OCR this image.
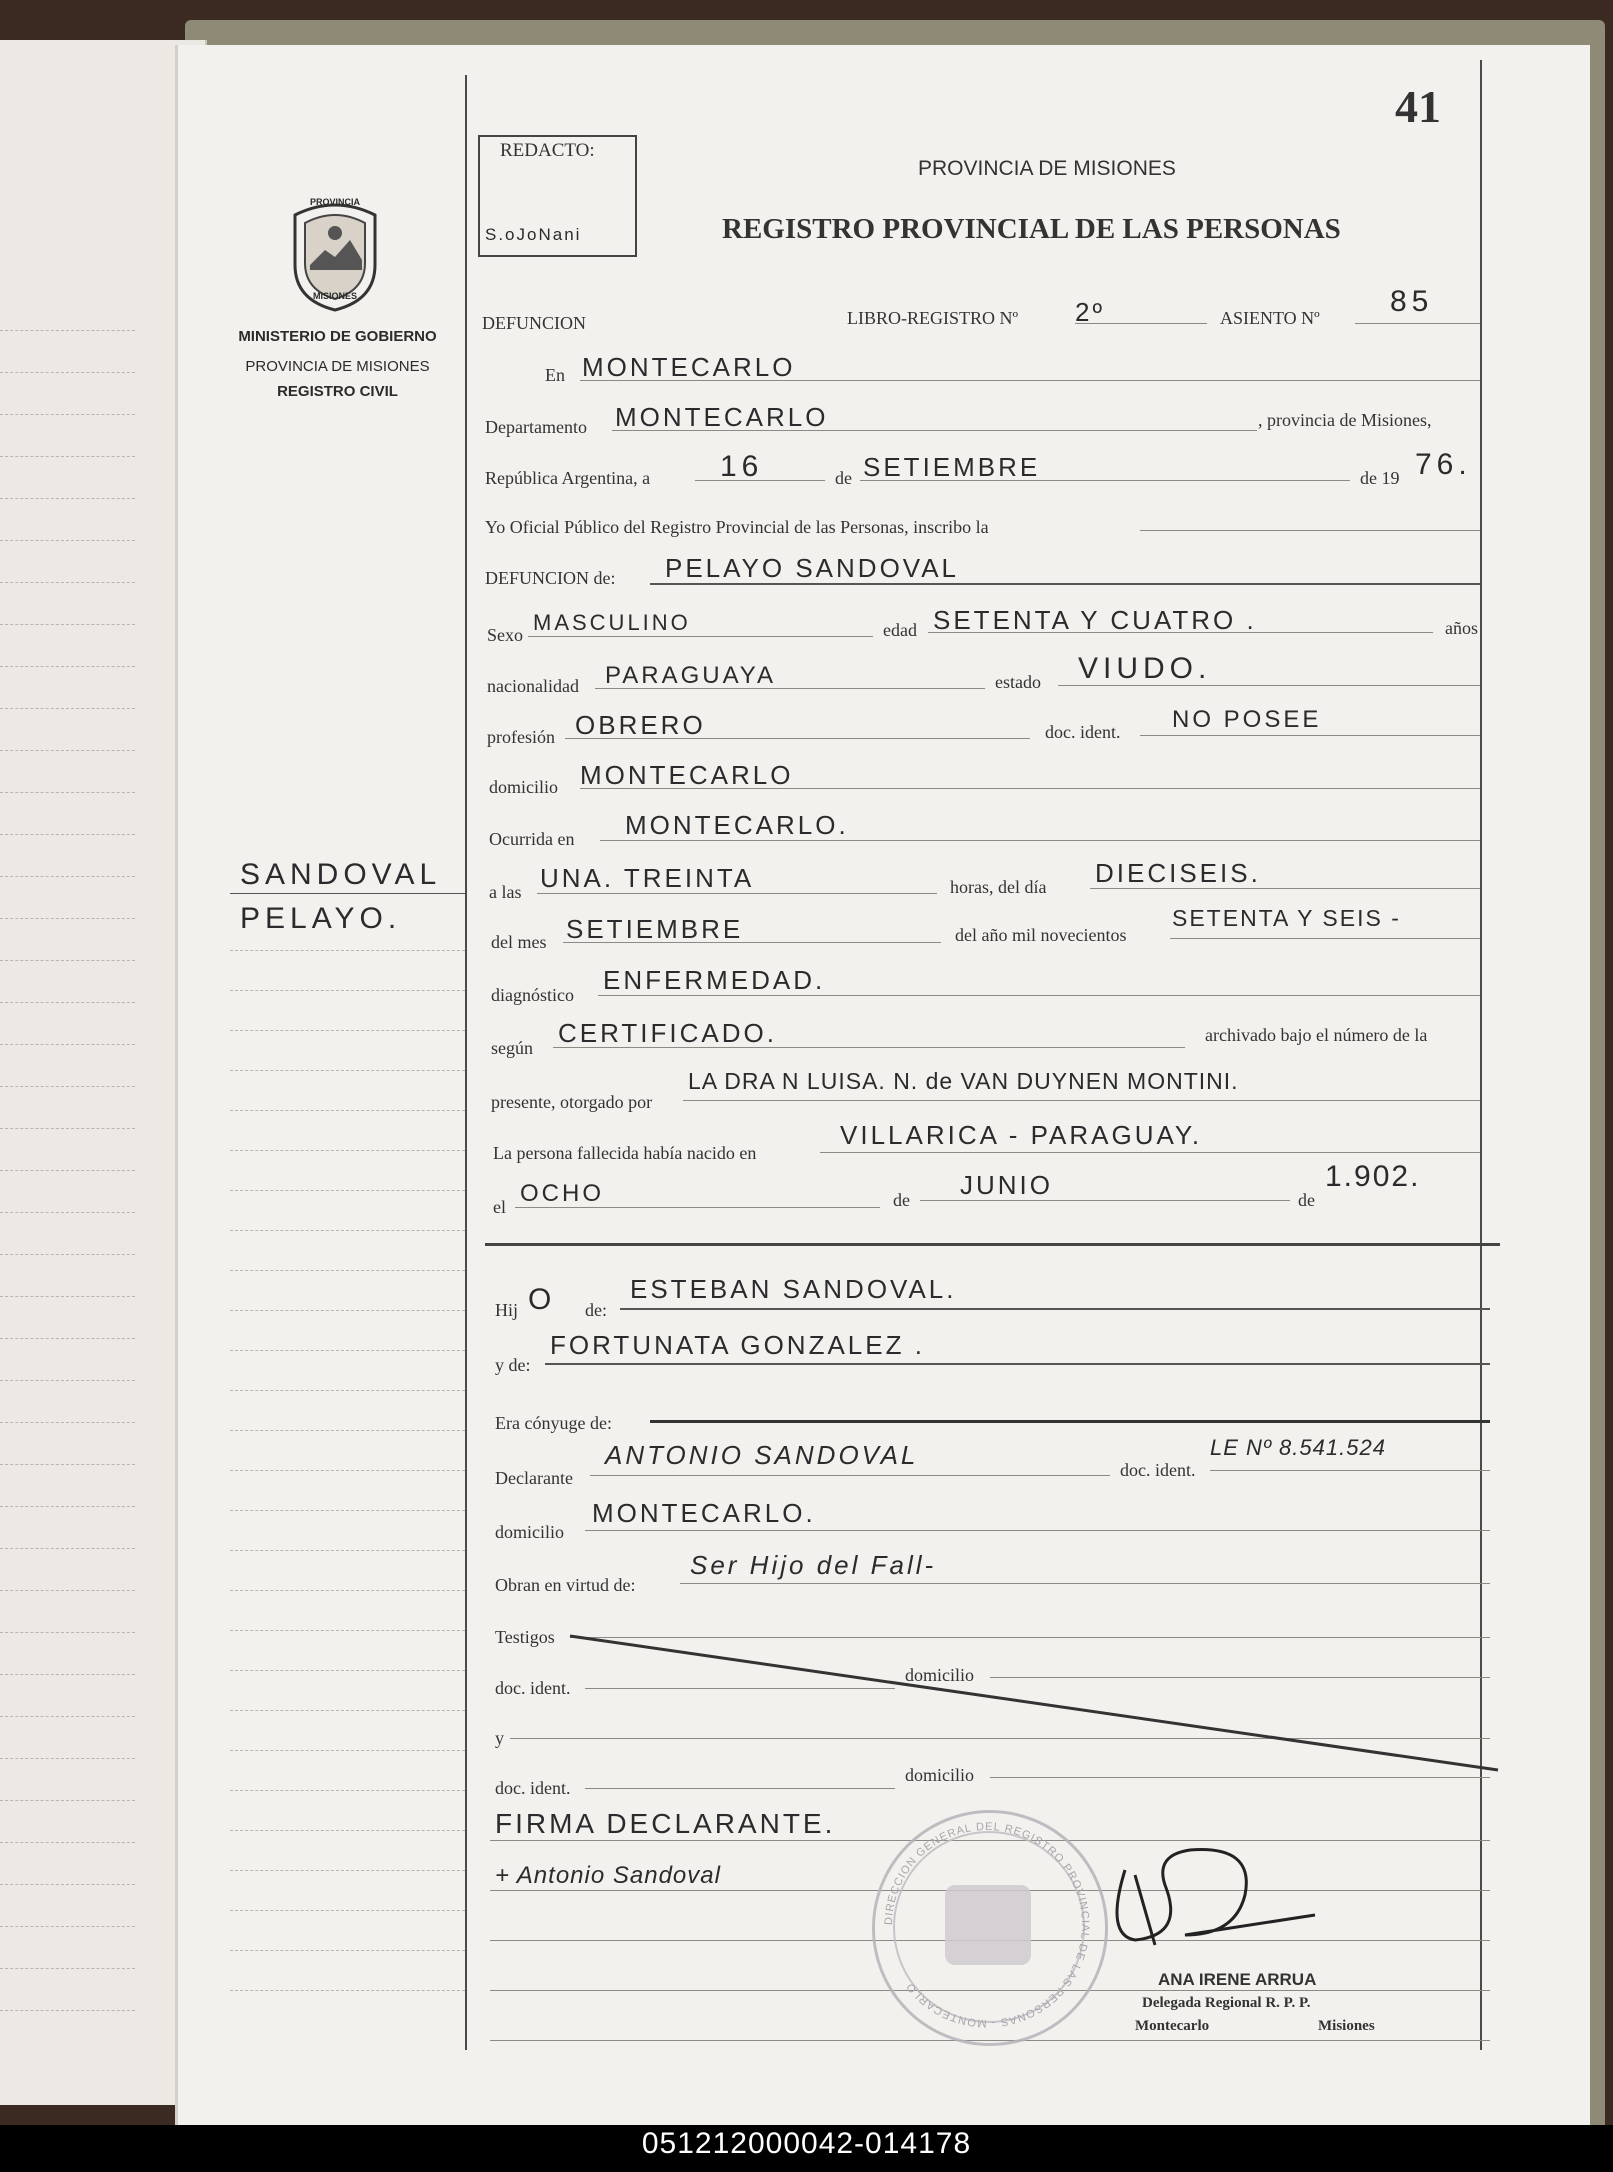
PROVINCIA
MISIONES
MINISTERIO DE GOBIERNO
PROVINCIA DE MISIONES
REGISTRO CIVIL
SANDOVAL
PELAYO.
41
REDACTO:
S.oJoNani
PROVINCIA DE MISIONES
REGISTRO PROVINCIAL DE LAS PERSONAS
DEFUNCION	LIBRO-REGISTRO Nº 2º	ASIENTO Nº 85
En MONTECARLO
Departamento MONTECARLO	, provincia de Misiones,
República Argentina, a 16	de SETIEMBRE	de 19 76.
Yo Oficial Público del Registro Provincial de las Personas, inscribo la
DEFUNCION de: PELAYO SANDOVAL
Sexo MASCULINO	edad SETENTA Y CUATRO .	años
nacionalidad PARAGUAYA	estado VIUDO.
profesión OBRERO	doc. ident. NO POSEE
domicilio MONTECARLO
Ocurrida en MONTECARLO.
a las UNA. TREINTA	horas, del día DIECISEIS.
del mes SETIEMBRE	del año mil novecientos
SETENTA Y SEIS -
diagnóstico ENFERMEDAD.
según CERTIFICADO.	archivado bajo el número de la
presente, otorgado por
LA DRA N LUISA. N. de VAN DUYNEN MONTINI.
La persona fallecida había nacido en
VILLARICA - PARAGUAY.
el OCHO	de JUNIO	de
1.902.
Hij O de:
ESTEBAN SANDOVAL.
y de:
FORTUNATA GONZALEZ .
Era cónyuge de:
Declarante
ANTONIO SANDOVAL	doc. ident.
LE Nº 8.541.524
domicilio
MONTECARLO.
Obran en virtud de:
Ser Hijo del Fall-
Testigos
doc. ident.
domicilio
y
doc. ident.
domicilio
DIRECCION GENERAL DEL REGISTRO PROVINCIAL DE LAS PERSONAS - MONTECARLO
FIRMA DECLARANTE.
+ Antonio Sandoval
ANA IRENE ARRUA
Delegada Regional R. P. P.
Montecarlo	Misiones
051212000042-014178
